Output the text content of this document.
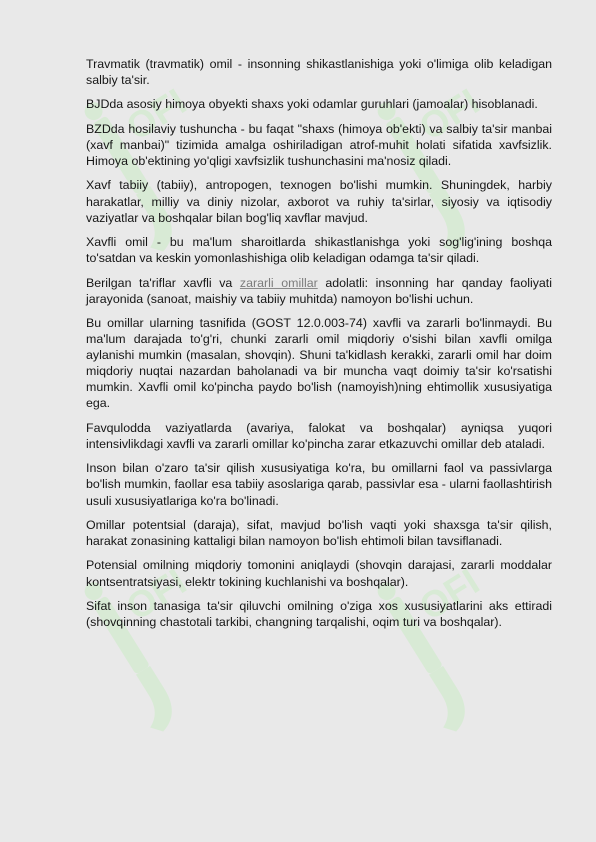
OFI	OFI
OFI	OFI

Travmatik (travmatik) omil - insonning shikastlanishiga yoki o'limiga olib keladigan salbiy ta'sir.

BJDda asosiy himoya obyekti shaxs yoki odamlar guruhlari (jamoalar) hisoblanadi.

BZDda hosilaviy tushuncha - bu faqat "shaxs (himoya ob'ekti) va salbiy ta'sir manbai (xavf manbai)" tizimida amalga oshiriladigan atrof-muhit holati sifatida xavfsizlik. Himoya ob'ektining yo'qligi xavfsizlik tushunchasini ma'nosiz qiladi.

Xavf tabiiy (tabiiy), antropogen, texnogen bo'lishi mumkin. Shuningdek, harbiy harakatlar, milliy va diniy nizolar, axborot va ruhiy ta'sirlar, siyosiy va iqtisodiy vaziyatlar va boshqalar bilan bog'liq xavflar mavjud.

Xavfli omil - bu ma'lum sharoitlarda shikastlanishga yoki sog'lig'ining boshqa to'satdan va keskin yomonlashishiga olib keladigan odamga ta'sir qiladi.

Berilgan ta'riflar xavfli va zararli omillar adolatli: insonning har qanday faoliyati jarayonida (sanoat, maishiy va tabiiy muhitda) namoyon bo'lishi uchun.

Bu omillar ularning tasnifida (GOST 12.0.003-74) xavfli va zararli bo'linmaydi. Bu ma'lum darajada to'g'ri, chunki zararli omil miqdoriy o'sishi bilan xavfli omilga aylanishi mumkin (masalan, shovqin). Shuni ta'kidlash kerakki, zararli omil har doim miqdoriy nuqtai nazardan baholanadi va bir muncha vaqt doimiy ta'sir ko'rsatishi mumkin. Xavfli omil ko'pincha paydo bo'lish (namoyish)ning ehtimollik xususiyatiga ega.

Favqulodda vaziyatlarda (avariya, falokat va boshqalar) ayniqsa yuqori intensivlikdagi xavfli va zararli omillar ko'pincha zarar etkazuvchi omillar deb ataladi.

Inson bilan o'zaro ta'sir qilish xususiyatiga ko'ra, bu omillarni faol va passivlarga bo'lish mumkin, faollar esa tabiiy asoslariga qarab, passivlar esa - ularni faollashtirish usuli xususiyatlariga ko'ra bo'linadi.

Omillar potentsial (daraja), sifat, mavjud bo'lish vaqti yoki shaxsga ta'sir qilish, harakat zonasining kattaligi bilan namoyon bo'lish ehtimoli bilan tavsiflanadi.

Potensial omilning miqdoriy tomonini aniqlaydi (shovqin darajasi, zararli moddalar kontsentratsiyasi, elektr tokining kuchlanishi va boshqalar).

Sifat inson tanasiga ta'sir qiluvchi omilning o'ziga xos xususiyatlarini aks ettiradi (shovqinning chastotali tarkibi, changning tarqalishi, oqim turi va boshqalar).
